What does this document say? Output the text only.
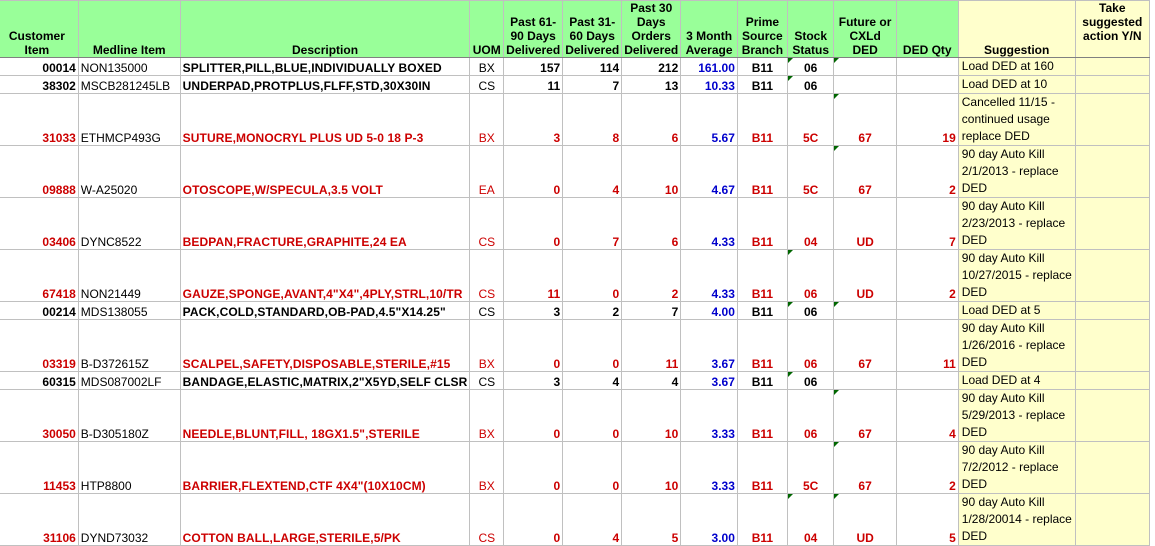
Customer Item	Medline Item	Description	UOM	Past 61-90 Days Delivered	Past 31-60 Days Delivered	Past 30 Days Orders Delivered	3 Month Average	Prime Source Branch	Stock Status	Future or CXLd DED	DED Qty	Suggestion	Take suggested action Y/N
00014	NON135000	SPLITTER,PILL,BLUE,INDIVIDUALLY BOXED	BX	157	114	212	161.00	B11	06			Load DED at 160	
38302	MSCB281245LB	UNDERPAD,PROTPLUS,FLFF,STD,30X30IN	CS	11	7	13	10.33	B11	06			Load DED at 10	
31033	ETHMCP493G	SUTURE,MONOCRYL PLUS UD 5-0 18 P-3	BX	3	8	6	5.67	B11	5C	67	19	Cancelled 11/15 - continued usage replace DED	
09888	W-A25020	OTOSCOPE,W/SPECULA,3.5 VOLT	EA	0	4	10	4.67	B11	5C	67	2	90 day Auto Kill 2/1/2013 - replace DED	
03406	DYNC8522	BEDPAN,FRACTURE,GRAPHITE,24 EA	CS	0	7	6	4.33	B11	04	UD	7	90 day Auto Kill 2/23/2013 - replace DED	
67418	NON21449	GAUZE,SPONGE,AVANT,4"X4",4PLY,STRL,10/TR	CS	11	0	2	4.33	B11	06	UD	2	90 day Auto Kill 10/27/2015 - replace DED	
00214	MDS138055	PACK,COLD,STANDARD,OB-PAD,4.5"X14.25"	CS	3	2	7	4.00	B11	06			Load DED at 5	
03319	B-D372615Z	SCALPEL,SAFETY,DISPOSABLE,STERILE,#15	BX	0	0	11	3.67	B11	06	67	11	90 day Auto Kill 1/26/2016 - replace DED	
60315	MDS087002LF	BANDAGE,ELASTIC,MATRIX,2"X5YD,SELF CLSR	CS	3	4	4	3.67	B11	06			Load DED at 4	
30050	B-D305180Z	NEEDLE,BLUNT,FILL, 18GX1.5",STERILE	BX	0	0	10	3.33	B11	06	67	4	90 day Auto Kill 5/29/2013 - replace DED	
11453	HTP8800	BARRIER,FLEXTEND,CTF 4X4"(10X10CM)	BX	0	0	10	3.33	B11	5C	67	2	90 day Auto Kill 7/2/2012 - replace DED	
31106	DYND73032	COTTON BALL,LARGE,STERILE,5/PK	CS	0	4	5	3.00	B11	04	UD	5	90 day Auto Kill 1/28/20014 - replace DED	
